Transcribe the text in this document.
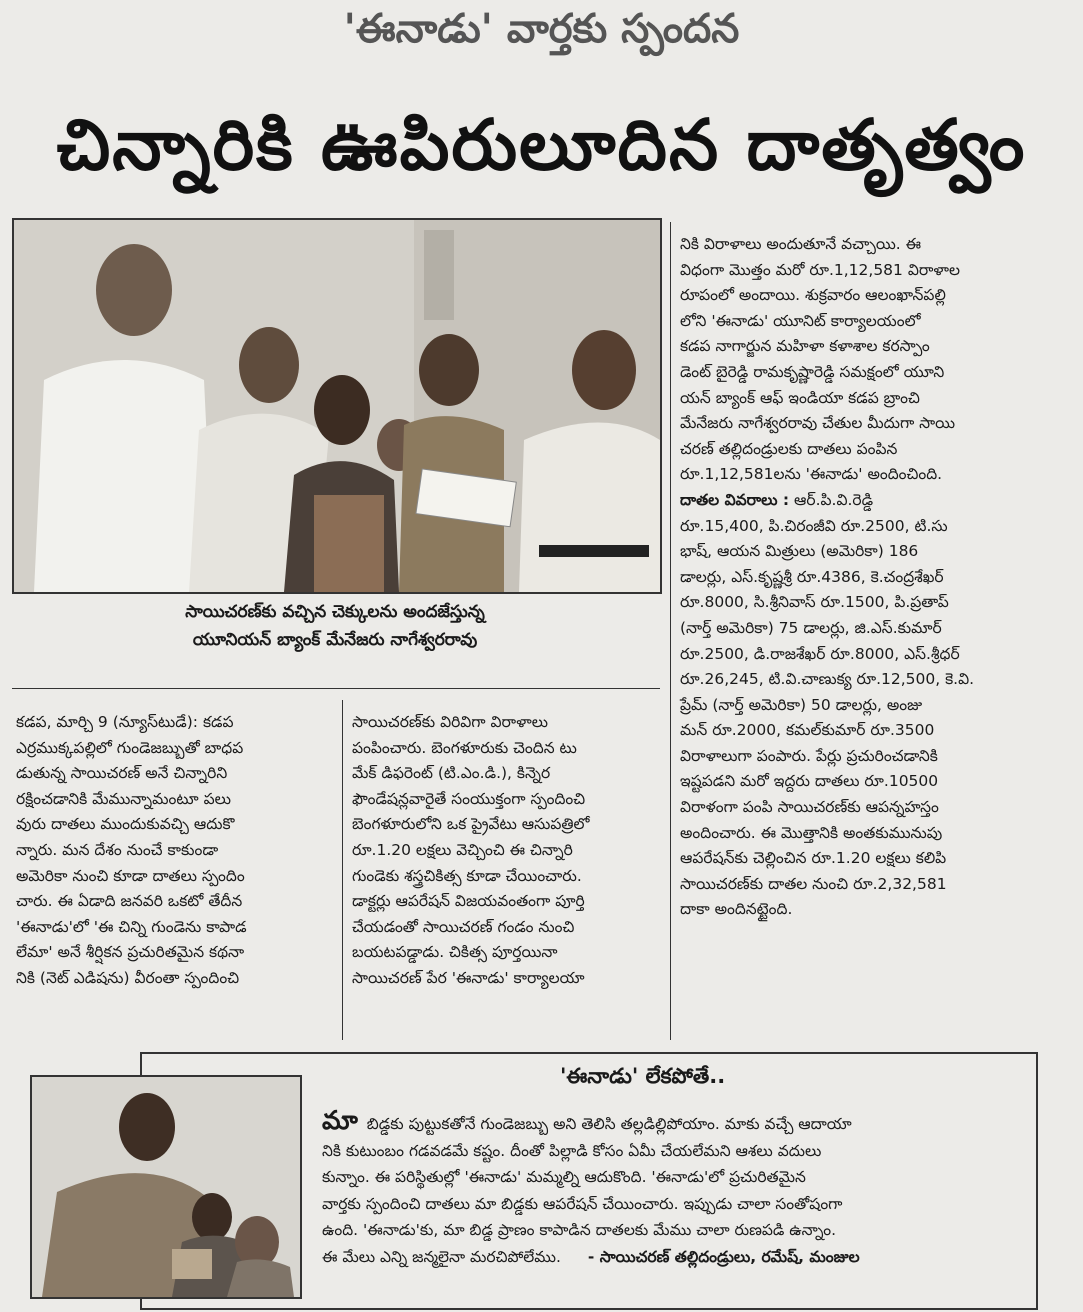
'ఈనాడు' వార్తకు స్పందన
చిన్నారికి ఊపిరులూదిన దాతృత్వం
సాయిచరణ్‌కు వచ్చిన చెక్కులను అందజేస్తున్న
యూనియన్ బ్యాంక్ మేనేజరు నాగేశ్వరరావు
కడప, మార్చి 9 (న్యూస్‌టుడే): కడప
ఎర్రముక్కపల్లిలో గుండెజబ్బుతో బాధప
డుతున్న సాయిచరణ్ అనే చిన్నారిని
రక్షించడానికి మేమున్నామంటూ పలు
వురు దాతలు ముందుకువచ్చి ఆదుకొ
న్నారు. మన దేశం నుంచే కాకుండా
అమెరికా నుంచి కూడా దాతలు స్పందిం
చారు. ఈ ఏడాది జనవరి ఒకటో తేదీన
'ఈనాడు'లో 'ఈ చిన్ని గుండెను కాపాడ
లేమా' అనే శీర్షికన ప్రచురితమైన కథనా
నికి (నెట్ ఎడిషను) వీరంతా స్పందించి
సాయిచరణ్‌కు విరివిగా విరాళాలు
పంపించారు. బెంగళూరుకు చెందిన టు
మేక్ డిఫరెంట్ (టి.ఎం.డి.), కిన్నెర
ఫౌండేషన్లవారైతే సంయుక్తంగా స్పందించి
బెంగళూరులోని ఒక ప్రైవేటు ఆసుపత్రిలో
రూ.1.20 లక్షలు వెచ్చించి ఈ చిన్నారి
గుండెకు శస్త్రచికిత్స కూడా చేయించారు.
డాక్టర్లు ఆపరేషన్ విజయవంతంగా పూర్తి
చేయడంతో సాయిచరణ్ గండం నుంచి
బయటపడ్డాడు. చికిత్స పూర్తయినా
సాయిచరణ్ పేర 'ఈనాడు' కార్యాలయా
నికి విరాళాలు అందుతూనే వచ్చాయి. ఈ
విధంగా మొత్తం మరో రూ.1,12,581 విరాళాల
రూపంలో అందాయి. శుక్రవారం ఆలంఖాన్‌పల్లి
లోని 'ఈనాడు' యూనిట్ కార్యాలయంలో
కడప నాగార్జున మహిళా కళాశాల కరస్పాం
డెంట్ బైరెడ్డి రామకృష్ణారెడ్డి సమక్షంలో యూని
యన్ బ్యాంక్ ఆఫ్ ఇండియా కడప బ్రాంచి
మేనేజరు నాగేశ్వరరావు చేతుల మీదుగా సాయి
చరణ్ తల్లిదండ్రులకు దాతలు పంపిన
రూ.1,12,581లను 'ఈనాడు' అందించింది.
దాతల వివరాలు : ఆర్.పి.వి.రెడ్డి
రూ.15,400, పి.చిరంజీవి రూ.2500, టి.సు
భాష్, ఆయన మిత్రులు (అమెరికా) 186
డాలర్లు, ఎస్.కృష్ణశ్రీ రూ.4386, కె.చంద్రశేఖర్
రూ.8000, సి.శ్రీనివాస్ రూ.1500, పి.ప్రతాప్
(నార్త్ అమెరికా) 75 డాలర్లు, జి.ఎస్.కుమార్
రూ.2500, డి.రాజశేఖర్ రూ.8000, ఎస్.శ్రీధర్
రూ.26,245, టి.వి.చాణుక్య రూ.12,500, కె.వి.
ప్రేమ్ (నార్త్ అమెరికా) 50 డాలర్లు, అంజు
మన్ రూ.2000, కమల్‌కుమార్ రూ.3500
విరాళాలుగా పంపారు. పేర్లు ప్రచురించడానికి
ఇష్టపడని మరో ఇద్దరు దాతలు రూ.10500
విరాళంగా పంపి సాయిచరణ్‌కు ఆపన్నహస్తం
అందించారు. ఈ మొత్తానికి అంతకుమునుపు
ఆపరేషన్‌కు చెల్లించిన రూ.1.20 లక్షలు కలిపి
సాయిచరణ్‌కు దాతల నుంచి రూ.2,32,581
దాకా అందినట్టైంది.
'ఈనాడు' లేకపోతే..
మా బిడ్డకు పుట్టుకతోనే గుండెజబ్బు అని తెలిసి తల్లడిల్లిపోయాం. మాకు వచ్చే ఆదాయా
నికి కుటుంబం గడవడమే కష్టం. దీంతో పిల్లాడి కోసం ఏమీ చేయలేమని ఆశలు వదులు
కున్నాం. ఈ పరిస్థితుల్లో 'ఈనాడు' మమ్మల్ని ఆదుకొంది. 'ఈనాడు'లో ప్రచురితమైన
వార్తకు స్పందించి దాతలు మా బిడ్డకు ఆపరేషన్ చేయించారు. ఇప్పుడు చాలా సంతోషంగా
ఉంది. 'ఈనాడు'కు, మా బిడ్డ ప్రాణం కాపాడిన దాతలకు మేము చాలా రుణపడి ఉన్నాం.
ఈ మేలు ఎన్ని జన్మలైనా మరచిపోలేము. - సాయిచరణ్ తల్లిదండ్రులు, రమేష్, మంజుల
